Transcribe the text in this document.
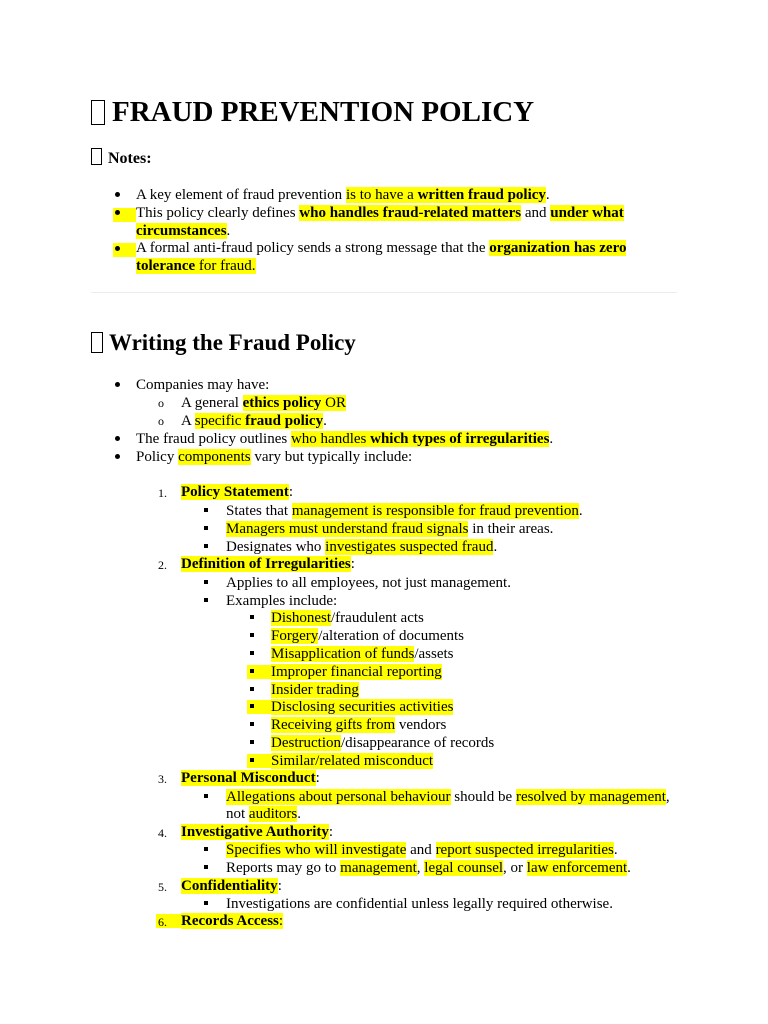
FRAUD PREVENTION POLICY
Notes:
A key element of fraud prevention is to have a written fraud policy.
This policy clearly defines who handles fraud-related matters and under what
circumstances.
A formal anti-fraud policy sends a strong message that the organization has zero
tolerance for fraud.
Writing the Fraud Policy
Companies may have:
o A general ethics policy OR
o A specific fraud policy.
The fraud policy outlines who handles which types of irregularities.
Policy components vary but typically include:
1. Policy Statement:
States that management is responsible for fraud prevention.
Managers must understand fraud signals in their areas.
Designates who investigates suspected fraud.
2. Definition of Irregularities:
Applies to all employees, not just management.
Examples include:
Dishonest/fraudulent acts
Forgery/alteration of documents
Misapplication of funds/assets
Improper financial reporting
Insider trading
Disclosing securities activities
Receiving gifts from vendors
Destruction/disappearance of records
Similar/related misconduct
3. Personal Misconduct:
Allegations about personal behaviour should be resolved by management,
not auditors.
4. Investigative Authority:
Specifies who will investigate and report suspected irregularities.
Reports may go to management, legal counsel, or law enforcement.
5. Confidentiality:
Investigations are confidential unless legally required otherwise.
6. Records Access:
